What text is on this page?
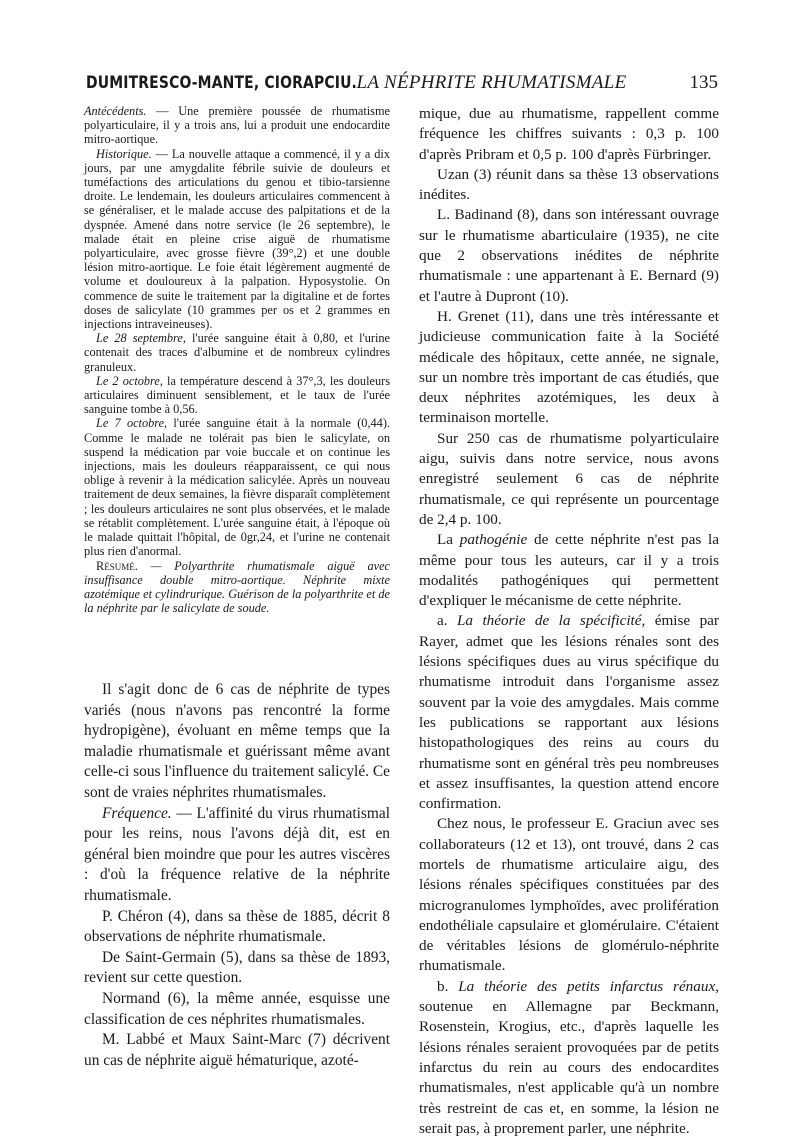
DUMITRESCO-MANTE, CIORAPCIU. LA NÉPHRITE RHUMATISMALE	135

Antécédents. — Une première poussée de rhumatisme polyarticulaire, il y a trois ans, lui a produit une endocardite mitro-aortique.

Historique. — La nouvelle attaque a commencé, il y a dix jours, par une amygdalite fébrile suivie de douleurs et tuméfactions des articulations du genou et tibio-tarsienne droite. Le lendemain, les douleurs articulaires commencent à se généraliser, et le malade accuse des palpitations et de la dyspnée. Amené dans notre service (le 26 septembre), le malade était en pleine crise aiguë de rhumatisme polyarticulaire, avec grosse fièvre (39°,2) et une double lésion mitro-aortique. Le foie était légèrement augmenté de volume et douloureux à la palpation. Hyposystolie. On commence de suite le traitement par la digitaline et de fortes doses de salicylate (10 grammes per os et 2 grammes en injections intraveineuses).

Le 28 septembre, l'urée sanguine était à 0,80, et l'urine contenait des traces d'albumine et de nombreux cylindres granuleux.

Le 2 octobre, la température descend à 37°,3, les douleurs articulaires diminuent sensiblement, et le taux de l'urée sanguine tombe à 0,56.

Le 7 octobre, l'urée sanguine était à la normale (0,44). Comme le malade ne tolérait pas bien le salicylate, on suspend la médication par voie buccale et on continue les injections, mais les douleurs réapparaissent, ce qui nous oblige à revenir à la médication salicylée. Après un nouveau traitement de deux semaines, la fièvre disparaît complètement ; les douleurs articulaires ne sont plus observées, et le malade se rétablit complètement. L'urée sanguine était, à l'époque où le malade quittait l'hôpital, de 0gr,24, et l'urine ne contenait plus rien d'anormal.

Résumé. — Polyarthrite rhumatismale aiguë avec insuffisance double mitro-aortique. Néphrite mixte azotémique et cylindrurique. Guérison de la polyarthrite et de la néphrite par le salicylate de soude.

Il s'agit donc de 6 cas de néphrite de types variés (nous n'avons pas rencontré la forme hydropigène), évoluant en même temps que la maladie rhumatismale et guérissant même avant celle-ci sous l'influence du traitement salicylé. Ce sont de vraies néphrites rhumatismales.

Fréquence. — L'affinité du virus rhumatismal pour les reins, nous l'avons déjà dit, est en général bien moindre que pour les autres viscères : d'où la fréquence relative de la néphrite rhumatismale.

P. Chéron (4), dans sa thèse de 1885, décrit 8 observations de néphrite rhumatismale.

De Saint-Germain (5), dans sa thèse de 1893, revient sur cette question.

Normand (6), la même année, esquisse une classification de ces néphrites rhumatismales.

M. Labbé et Maux Saint-Marc (7) décrivent un cas de néphrite aiguë hématurique, azoté-

mique, due au rhumatisme, rappellent comme fréquence les chiffres suivants : 0,3 p. 100 d'après Pribram et 0,5 p. 100 d'après Fürbringer.

Uzan (3) réunit dans sa thèse 13 observations inédites.

L. Badinand (8), dans son intéressant ouvrage sur le rhumatisme abarticulaire (1935), ne cite que 2 observations inédites de néphrite rhumatismale : une appartenant à E. Bernard (9) et l'autre à Dupront (10).

H. Grenet (11), dans une très intéressante et judicieuse communication faite à la Société médicale des hôpitaux, cette année, ne signale, sur un nombre très important de cas étudiés, que deux néphrites azotémiques, les deux à terminaison mortelle.

Sur 250 cas de rhumatisme polyarticulaire aigu, suivis dans notre service, nous avons enregistré seulement 6 cas de néphrite rhumatismale, ce qui représente un pourcentage de 2,4 p. 100.

La pathogénie de cette néphrite n'est pas la même pour tous les auteurs, car il y a trois modalités pathogéniques qui permettent d'expliquer le mécanisme de cette néphrite.

a. La théorie de la spécificité, émise par Rayer, admet que les lésions rénales sont des lésions spécifiques dues au virus spécifique du rhumatisme introduit dans l'organisme assez souvent par la voie des amygdales. Mais comme les publications se rapportant aux lésions histopathologiques des reins au cours du rhumatisme sont en général très peu nombreuses et assez insuffisantes, la question attend encore confirmation.

Chez nous, le professeur E. Graciun avec ses collaborateurs (12 et 13), ont trouvé, dans 2 cas mortels de rhumatisme articulaire aigu, des lésions rénales spécifiques constituées par des microgranulomes lymphoïdes, avec prolifération endothéliale capsulaire et glomérulaire. C'étaient de véritables lésions de glomérulo-néphrite rhumatismale.

b. La théorie des petits infarctus rénaux, soutenue en Allemagne par Beckmann, Rosenstein, Krogius, etc., d'après laquelle les lésions rénales seraient provoquées par de petits infarctus du rein au cours des endocardites rhumatismales, n'est applicable qu'à un nombre très restreint de cas et, en somme, la lésion ne serait pas, à proprement parler, une néphrite.
